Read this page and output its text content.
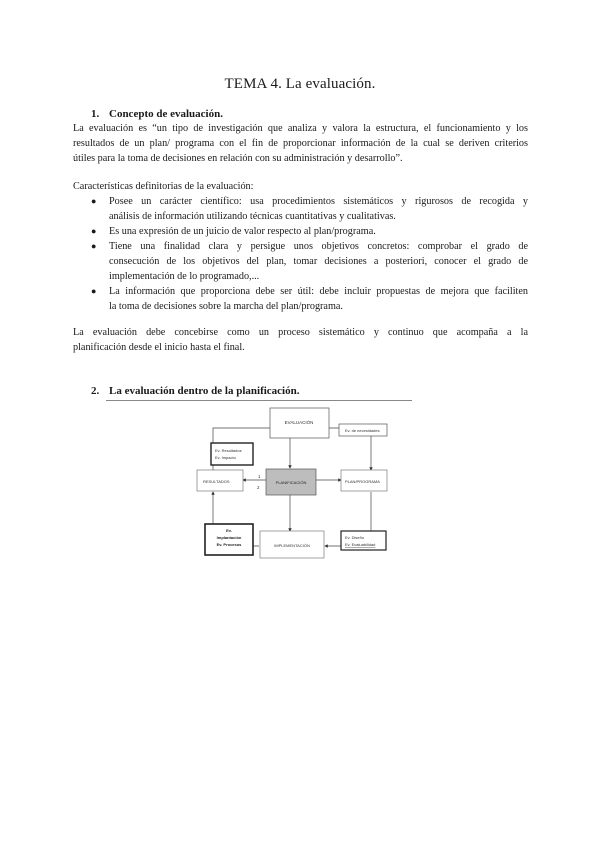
TEMA 4. La evaluación.
1. Concepto de evaluación.
La evaluación es “un tipo de investigación que analiza y valora la estructura, el funcionamiento y los
resultados de un plan/ programa con el fin de proporcionar información de la cual se deriven criterios
útiles para la toma de decisiones en relación con su administración y desarrollo”.
Características definitorias de la evaluación:
● Posee un carácter científico: usa procedimientos sistemáticos y rigurosos de recogida y
análisis de información utilizando técnicas cuantitativas y cualitativas.
● Es una expresión de un juicio de valor respecto al plan/programa.
● Tiene una finalidad clara y persigue unos objetivos concretos: comprobar el grado de
consecución de los objetivos del plan, tomar decisiones a posteriori, conocer el grado de
implementación de lo programado,...
● La información que proporciona debe ser útil: debe incluir propuestas de mejora que faciliten
la toma de decisiones sobre la marcha del plan/programa.
La evaluación debe concebirse como un proceso sistemático y continuo que acompaña a la
planificación desde el inicio hasta el final.
2. La evaluación dentro de la planificación.
EVALUACIÓN
Ev. de necesidades
Ev. Resultados
Ev. Impacto
RESULTADOS	PLANIFICACIÓN
1
2
PLAN/PROGRAMA
Ev.
Implantación
Ev. Procesos	IMPLEMENTACIÓN
Ev. Diseño
Ev. Evaluabilidad
